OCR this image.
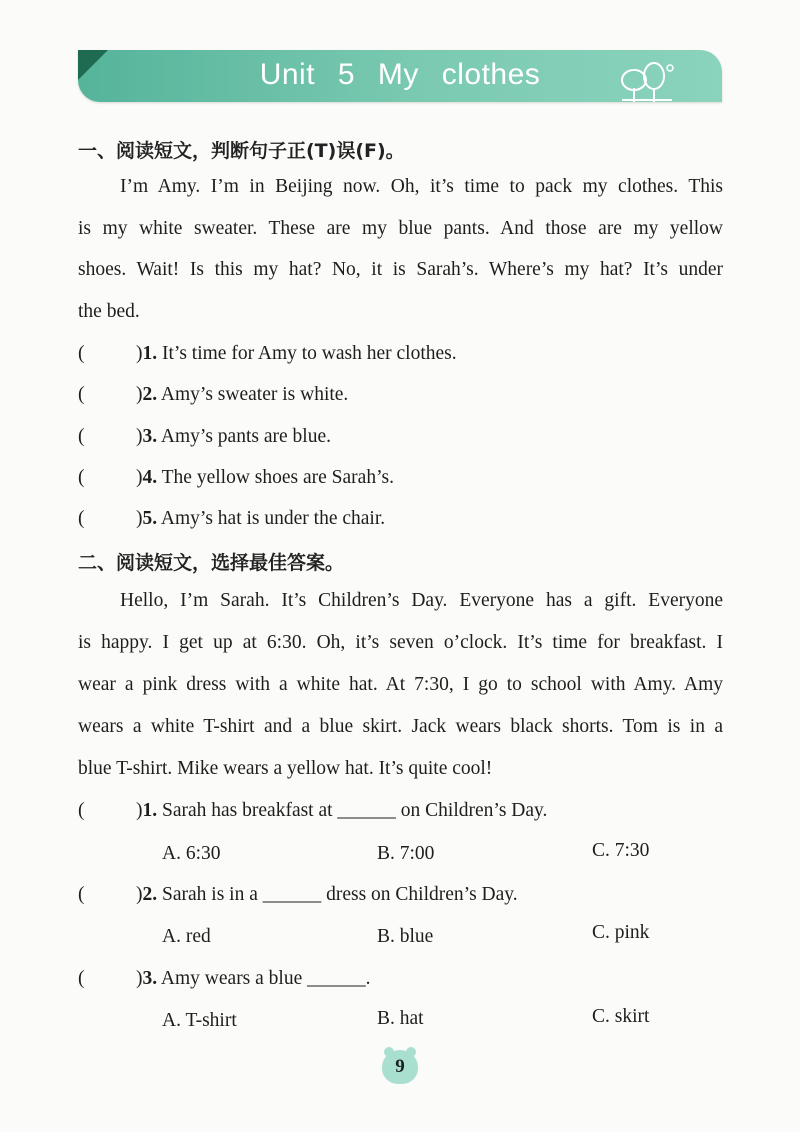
Unit 5 My clothes
一、阅读短文，判断句子正(T)误(F)。
I’m Amy. I’m in Beijing now. Oh, it’s time to pack my clothes. This
is my white sweater. These are my blue pants. And those are my yellow
shoes. Wait! Is this my hat? No, it is Sarah’s. Where’s my hat? It’s under
the bed.
(	)1. It’s time for Amy to wash her clothes.
(	)2. Amy’s sweater is white.
(	)3. Amy’s pants are blue.
(	)4. The yellow shoes are Sarah’s.
(	)5. Amy’s hat is under the chair.
二、阅读短文，选择最佳答案。
Hello, I’m Sarah. It’s Children’s Day. Everyone has a gift. Everyone
is happy. I get up at 6:30. Oh, it’s seven o’clock. It’s time for breakfast. I
wear a pink dress with a white hat. At 7:30, I go to school with Amy. Amy
wears a white T-shirt and a blue skirt. Jack wears black shorts. Tom is in a
blue T-shirt. Mike wears a yellow hat. It’s quite cool!
(	)1. Sarah has breakfast at ______ on Children’s Day.
A. 6:30	B. 7:00	C. 7:30
(	)2. Sarah is in a ______ dress on Children’s Day.
A. red	B. blue	C. pink
(	)3. Amy wears a blue ______.
A. T-shirt	B. hat	C. skirt
9
